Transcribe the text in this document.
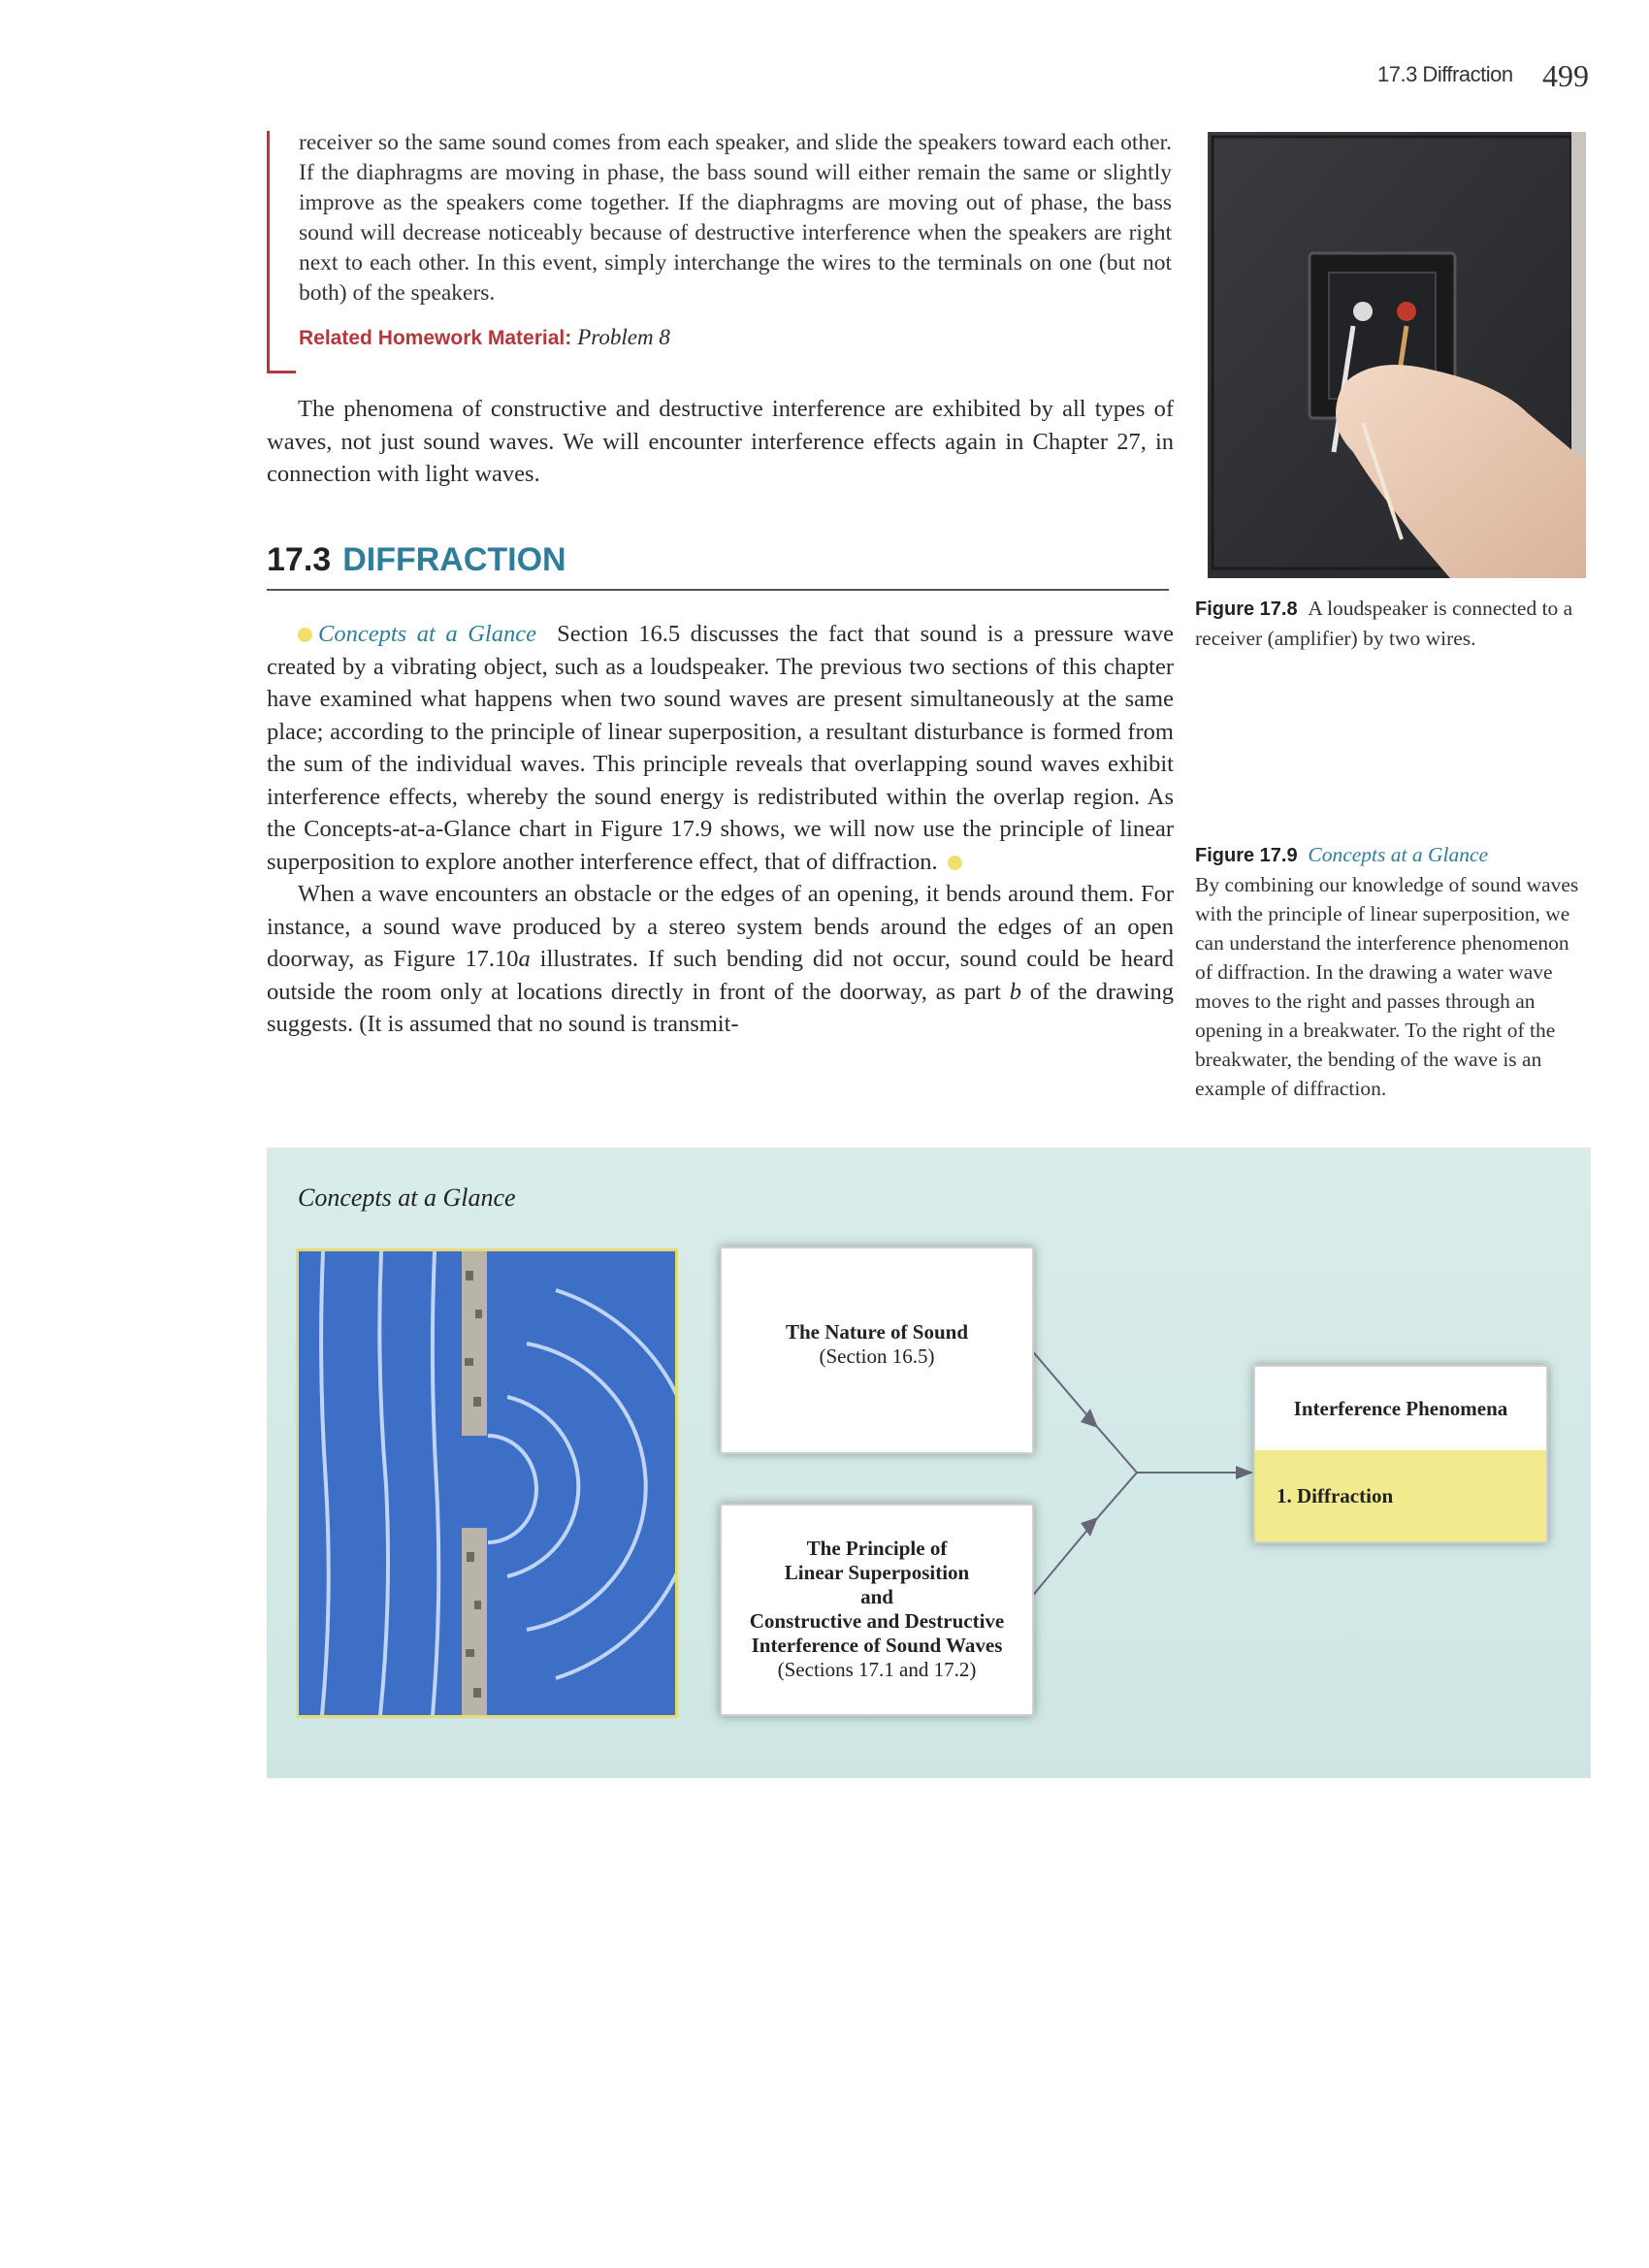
17.3 Diffraction 499

receiver so the same sound comes from each speaker, and slide the speakers toward each other. If the diaphragms are moving in phase, the bass sound will either remain the same or slightly improve as the speakers come together. If the diaphragms are moving out of phase, the bass sound will decrease noticeably because of destructive interference when the speakers are right next to each other. In this event, simply interchange the wires to the terminals on one (but not both) of the speakers.

Related Homework Material: Problem 8

The phenomena of constructive and destructive interference are exhibited by all types of waves, not just sound waves. We will encounter interference effects again in Chapter 27, in connection with light waves.

17.3 DIFFRACTION

Concepts at a Glance Section 16.5 discusses the fact that sound is a pressure wave created by a vibrating object, such as a loudspeaker. The previous two sections of this chapter have examined what happens when two sound waves are present simultaneously at the same place; according to the principle of linear superposition, a resultant disturbance is formed from the sum of the individual waves. This principle reveals that overlapping sound waves exhibit interference effects, whereby the sound energy is redistributed within the overlap region. As the Concepts-at-a-Glance chart in Figure 17.9 shows, we will now use the principle of linear superposition to explore another interference effect, that of diffraction.

When a wave encounters an obstacle or the edges of an opening, it bends around them. For instance, a sound wave produced by a stereo system bends around the edges of an open doorway, as Figure 17.10a illustrates. If such bending did not occur, sound could be heard outside the room only at locations directly in front of the doorway, as part b of the drawing suggests. (It is assumed that no sound is transmit-

Figure 17.8 A loudspeaker is connected to a receiver (amplifier) by two wires.
Figure 17.9 Concepts at a Glance
By combining our knowledge of sound waves with the principle of linear superposition, we can understand the interference phenomenon of diffraction. In the drawing a water wave moves to the right and passes through an opening in a breakwater. To the right of the breakwater, the bending of the wave is an example of diffraction.
Concepts at a Glance
The Nature of Sound
(Section 16.5)
The Principle of
Linear Superposition
and
Constructive and Destructive
Interference of Sound Waves
(Sections 17.1 and 17.2)
Interference Phenomena
1. Diffraction
